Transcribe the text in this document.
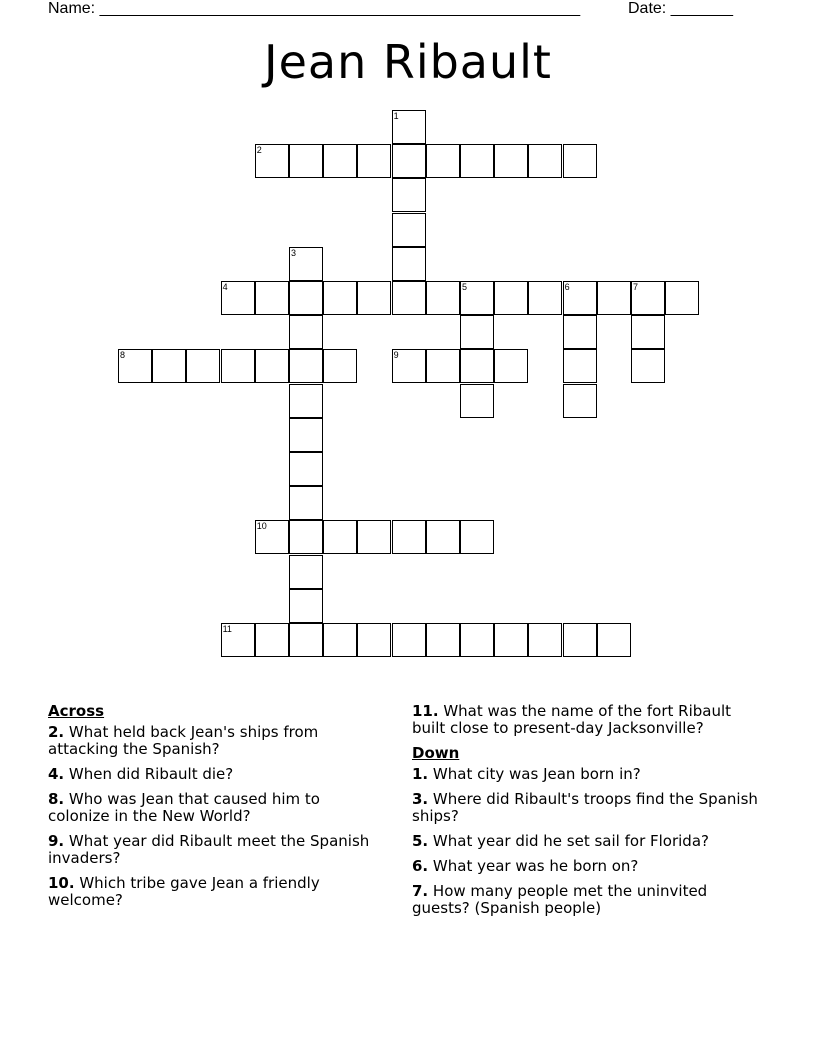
Name: ______________________________________________________	Date: _______
Jean Ribault
1
2
3
4	5	6	7
8	9
10
11
Across
2. What held back Jean's ships from attacking the Spanish?
4. When did Ribault die?
8. Who was Jean that caused him to colonize in the New World?
9. What year did Ribault meet the Spanish invaders?
10. Which tribe gave Jean a friendly welcome?
11. What was the name of the fort Ribault built close to present-day Jacksonville?
Down
1. What city was Jean born in?
3. Where did Ribault's troops find the Spanish ships?
5. What year did he set sail for Florida?
6. What year was he born on?
7. How many people met the uninvited guests? (Spanish people)
